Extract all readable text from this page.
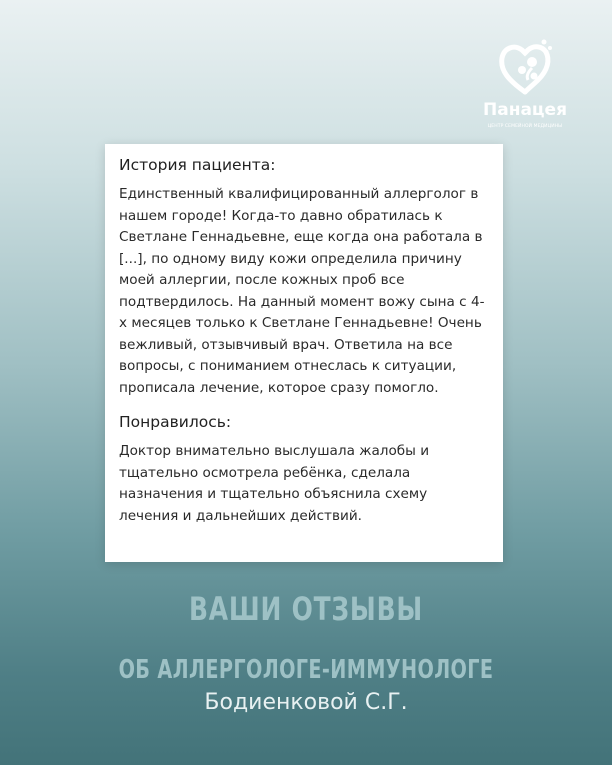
Панацея
ЦЕНТР СЕМЕЙНОЙ МЕДИЦИНЫ

История пациента:

Единственный квалифицированный аллерголог в нашем городе! Когда-то давно обратилась к Светлане Геннадьевне, еще когда она работала в [...], по одному виду кожи определила причину моей аллергии, после кожных проб все подтвердилось. На данный момент вожу сына с 4-х месяцев только к Светлане Геннадьевне! Очень вежливый, отзывчивый врач. Ответила на все вопросы, с пониманием отнеслась к ситуации, прописала лечение, которое сразу помогло.

Понравилось:

Доктор внимательно выслушала жалобы и тщательно осмотрела ребёнка, сделала назначения и тщательно объяснила схему лечения и дальнейших действий.

ВАШИ ОТЗЫВЫ
ОБ АЛЛЕРГОЛОГЕ-ИММУНОЛОГЕ
Бодиенковой С.Г.
